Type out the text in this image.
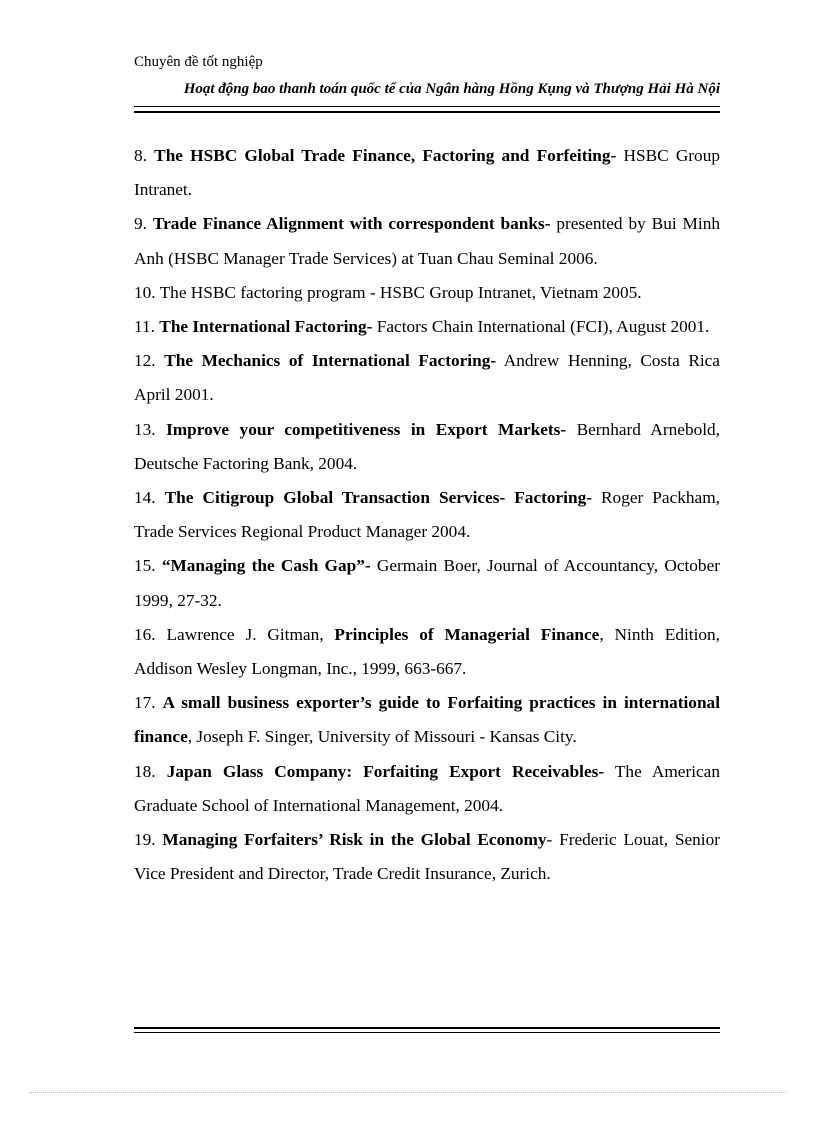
Chuyên đề tốt nghiệp
Hoạt động bao thanh toán quốc tế của Ngân hàng Hồng Kụng và Thượng Hải Hà Nội

8. The HSBC Global Trade Finance, Factoring and Forfeiting- HSBC Group Intranet.

9. Trade Finance Alignment with correspondent banks- presented by Bui Minh Anh (HSBC Manager Trade Services) at Tuan Chau Seminal 2006.

10. The HSBC factoring program - HSBC Group Intranet, Vietnam 2005.

11. The International Factoring- Factors Chain International (FCI), August 2001.

12. The Mechanics of International Factoring- Andrew Henning, Costa Rica April 2001.

13. Improve your competitiveness in Export Markets- Bernhard Arnebold, Deutsche Factoring Bank, 2004.

14. The Citigroup Global Transaction Services- Factoring- Roger Packham, Trade Services Regional Product Manager 2004.

15. “Managing the Cash Gap”- Germain Boer, Journal of Accountancy, October 1999, 27-32.

16. Lawrence J. Gitman, Principles of Managerial Finance, Ninth Edition, Addison Wesley Longman, Inc., 1999, 663-667.

17. A small business exporter’s guide to Forfaiting practices in international finance, Joseph F. Singer, University of Missouri - Kansas City.

18. Japan Glass Company: Forfaiting Export Receivables- The American Graduate School of International Management, 2004.

19. Managing Forfaiters’ Risk in the Global Economy- Frederic Louat, Senior Vice President and Director, Trade Credit Insurance, Zurich.
